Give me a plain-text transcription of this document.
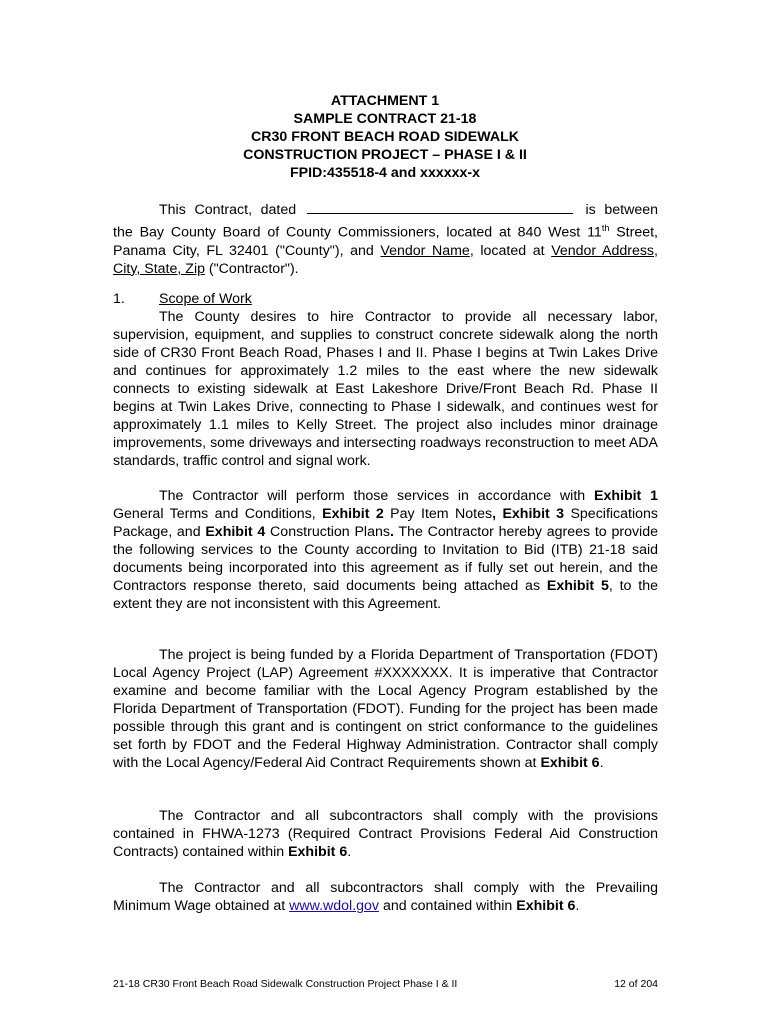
ATTACHMENT 1
SAMPLE CONTRACT 21-18
CR30 FRONT BEACH ROAD SIDEWALK
CONSTRUCTION PROJECT – PHASE I & II
FPID:435518-4 and xxxxxx-x
This Contract, dated	is between the Bay County Board of County Commissioners, located at 840 West 11th Street, Panama City, FL 32401 ("County"), and Vendor Name, located at Vendor Address, City, State, Zip ("Contractor").
1. Scope of Work
The County desires to hire Contractor to provide all necessary labor, supervision, equipment, and supplies to construct concrete sidewalk along the north side of CR30 Front Beach Road, Phases I and II. Phase I begins at Twin Lakes Drive and continues for approximately 1.2 miles to the east where the new sidewalk connects to existing sidewalk at East Lakeshore Drive/Front Beach Rd. Phase II begins at Twin Lakes Drive, connecting to Phase I sidewalk, and continues west for approximately 1.1 miles to Kelly Street. The project also includes minor drainage improvements, some driveways and intersecting roadways reconstruction to meet ADA standards, traffic control and signal work.
The Contractor will perform those services in accordance with Exhibit 1 General Terms and Conditions, Exhibit 2 Pay Item Notes, Exhibit 3 Specifications Package, and Exhibit 4 Construction Plans. The Contractor hereby agrees to provide the following services to the County according to Invitation to Bid (ITB) 21-18 said documents being incorporated into this agreement as if fully set out herein, and the Contractors response thereto, said documents being attached as Exhibit 5, to the extent they are not inconsistent with this Agreement.
The project is being funded by a Florida Department of Transportation (FDOT) Local Agency Project (LAP) Agreement #XXXXXXX. It is imperative that Contractor examine and become familiar with the Local Agency Program established by the Florida Department of Transportation (FDOT). Funding for the project has been made possible through this grant and is contingent on strict conformance to the guidelines set forth by FDOT and the Federal Highway Administration. Contractor shall comply with the Local Agency/Federal Aid Contract Requirements shown at Exhibit 6.
The Contractor and all subcontractors shall comply with the provisions contained in FHWA-1273 (Required Contract Provisions Federal Aid Construction Contracts) contained within Exhibit 6.
The Contractor and all subcontractors shall comply with the Prevailing Minimum Wage obtained at www.wdol.gov and contained within Exhibit 6.
21-18 CR30 Front Beach Road Sidewalk Construction Project Phase I & II	12 of 204
